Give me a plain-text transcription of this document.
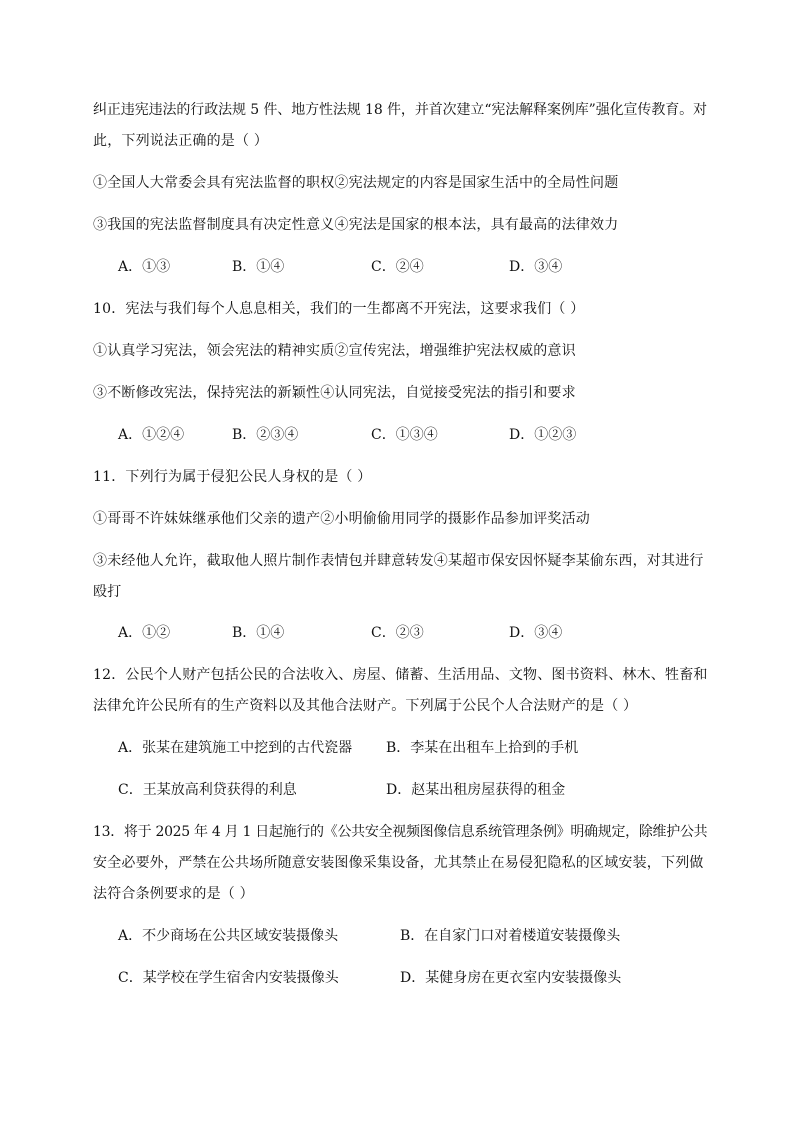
纠正违宪违法的行政法规 5 件、地方性法规 18 件，并首次建立“宪法解释案例库”强化宣传教育。对
此，下列说法正确的是（ ）
①全国人大常委会具有宪法监督的职权②宪法规定的内容是国家生活中的全局性问题
③我国的宪法监督制度具有决定性意义④宪法是国家的根本法，具有最高的法律效力
A．①③	B．①④	C．②④	D．③④
10．宪法与我们每个人息息相关，我们的一生都离不开宪法，这要求我们（ ）
①认真学习宪法，领会宪法的精神实质②宣传宪法，增强维护宪法权威的意识
③不断修改宪法，保持宪法的新颖性④认同宪法，自觉接受宪法的指引和要求
A．①②④	B．②③④	C．①③④	D．①②③
11．下列行为属于侵犯公民人身权的是（ ）
①哥哥不许妹妹继承他们父亲的遗产②小明偷偷用同学的摄影作品参加评奖活动
③未经他人允许，截取他人照片制作表情包并肆意转发④某超市保安因怀疑李某偷东西，对其进行
殴打
A．①②	B．①④	C．②③	D．③④
12．公民个人财产包括公民的合法收入、房屋、储蓄、生活用品、文物、图书资料、林木、牲畜和
法律允许公民所有的生产资料以及其他合法财产。下列属于公民个人合法财产的是（ ）
A．张某在建筑施工中挖到的古代瓷器 B．李某在出租车上拾到的手机
C．王某放高利贷获得的利息	D．赵某出租房屋获得的租金
13．将于 2025 年 4 月 1 日起施行的《公共安全视频图像信息系统管理条例》明确规定，除维护公共
安全必要外，严禁在公共场所随意安装图像采集设备，尤其禁止在易侵犯隐私的区域安装，下列做
法符合条例要求的是（ ）
A．不少商场在公共区域安装摄像头	B．在自家门口对着楼道安装摄像头
C．某学校在学生宿舍内安装摄像头	D．某健身房在更衣室内安装摄像头
